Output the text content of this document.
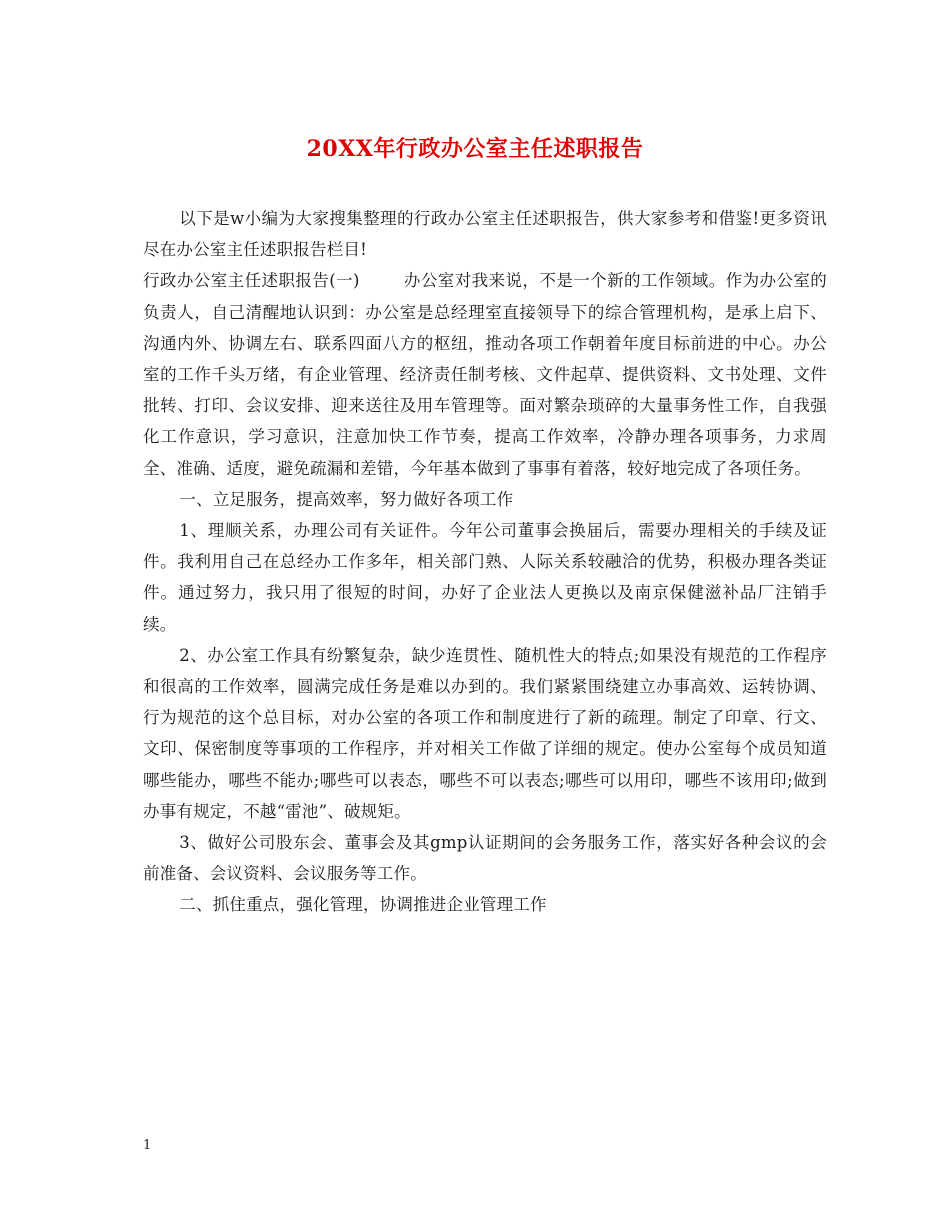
20XX年行政办公室主任述职报告

以下是w小编为大家搜集整理的行政办公室主任述职报告，供大家参考和借鉴!更多资讯尽在办公室主任述职报告栏目!

行政办公室主任述职报告(一)	办公室对我来说，不是一个新的工作领域。作为办公室的负责人，自己清醒地认识到：办公室是总经理室直接领导下的综合管理机构，是承上启下、沟通内外、协调左右、联系四面八方的枢纽，推动各项工作朝着年度目标前进的中心。办公室的工作千头万绪，有企业管理、经济责任制考核、文件起草、提供资料、文书处理、文件批转、打印、会议安排、迎来送往及用车管理等。面对繁杂琐碎的大量事务性工作，自我强化工作意识，学习意识，注意加快工作节奏，提高工作效率，冷静办理各项事务，力求周全、准确、适度，避免疏漏和差错，今年基本做到了事事有着落，较好地完成了各项任务。

一、立足服务，提高效率，努力做好各项工作

1、理顺关系，办理公司有关证件。今年公司董事会换届后，需要办理相关的手续及证件。我利用自己在总经办工作多年，相关部门熟、人际关系较融洽的优势，积极办理各类证件。通过努力，我只用了很短的时间，办好了企业法人更换以及南京保健滋补品厂注销手续。

2、办公室工作具有纷繁复杂，缺少连贯性、随机性大的特点;如果没有规范的工作程序和很高的工作效率，圆满完成任务是难以办到的。我们紧紧围绕建立办事高效、运转协调、行为规范的这个总目标，对办公室的各项工作和制度进行了新的疏理。制定了印章、行文、文印、保密制度等事项的工作程序，并对相关工作做了详细的规定。使办公室每个成员知道哪些能办，哪些不能办;哪些可以表态，哪些不可以表态;哪些可以用印，哪些不该用印;做到办事有规定，不越“雷池”、破规矩。

3、做好公司股东会、董事会及其gmp认证期间的会务服务工作，落实好各种会议的会前准备、会议资料、会议服务等工作。

二、抓住重点，强化管理，协调推进企业管理工作

1
